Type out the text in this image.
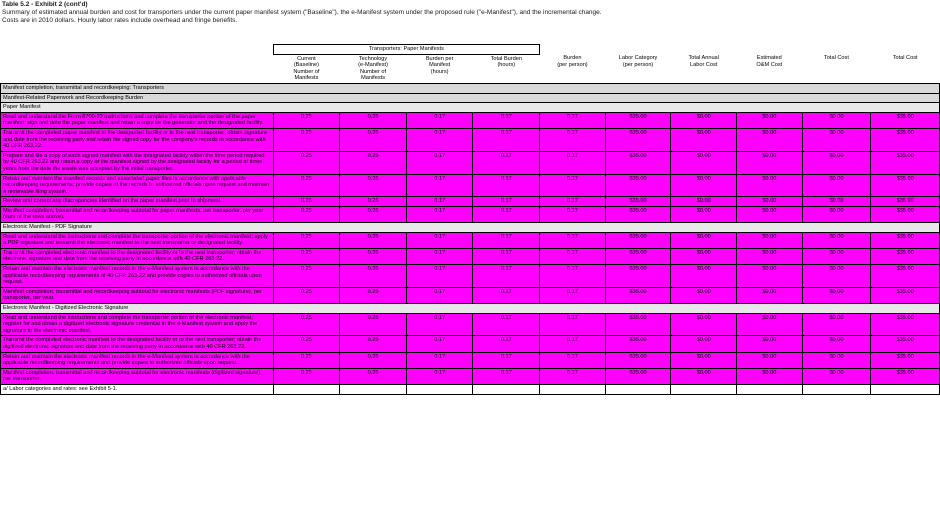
Table 5.2 - Exhibit 2 (cont'd)
Summary of estimated annual burden and cost for transporters under the current paper manifest system ("Baseline"), the e-Manifest system under the proposed rule ("e-Manifest"), and the incremental change.
Costs are in 2010 dollars. Hourly labor rates include overhead and fringe benefits.
	Transporters: Paper Manifests									

	Current
(Baseline)
Number of
Manifests	Technology
(e-Manifest)
Number of
Manifests	Burden per
Manifest
(hours)	Total Burden
(hours)	Burden
(per person)	Labor Category
(per person)	Total Annual
Labor Cost	Estimated
O&M Cost	Total Cost	Total Cost

Manifest completion, transmittal and recordkeeping: Transporters										
Manifest-Related Paperwork and Recordkeeping Burden										
Paper Manifest										
Read and understand the Form 8700-22 instructions and complete the transporter portion of the paper manifest; sign and date the paper manifest and retain a copy for the generator and the designated facility.	0.25	0.25	0.17	0.17	0.17	$35.00	$0.00	$0.00	$0.00	$35.00
Transmit the completed paper manifest to the designated facility or to the next transporter; obtain signature and date from the receiving party and retain the signed copy for the company's records in accordance with 40 CFR 263.22.	0.25	0.25	0.17	0.17	0.17	$35.00	$0.00	$0.00	$0.00	$35.00
Prepare and file a copy of each signed manifest with the designated facility within the time period required by 40 CFR 263.22 and retain a copy of the manifest signed by the designated facility for a period of three years from the date the waste was accepted by the initial transporter.	0.25	0.25	0.17	0.17	0.17	$35.00	$0.00	$0.00	$0.00	$35.00
Retain and maintain the manifest records and associated paper files in accordance with applicable recordkeeping requirements; provide copies of the records to authorized officials upon request and maintain a retrievable filing system.	0.25	0.25	0.17	0.17	0.17	$35.00	$0.00	$0.00	$0.00	$35.00
Review and correct any discrepancies identified on the paper manifest prior to shipment.	0.25	0.25	0.17	0.17	0.17	$35.00	$0.00	$0.00	$0.00	$35.00
Manifest completion, transmittal and recordkeeping subtotal for paper manifests, per transporter, per year (sum of the rows above).	0.25	0.25	0.17	0.17	0.17	$35.00	$0.00	$0.00	$0.00	$35.00
Electronic Manifest - PDF Signature										
Read and understand the instructions and complete the transporter portion of the electronic manifest; apply a PDF signature and transmit the electronic manifest to the next transporter or designated facility.	0.25	0.25	0.17	0.17	0.17	$35.00	$0.00	$0.00	$0.00	$35.00
Transmit the completed electronic manifest to the designated facility or to the next transporter; obtain the electronic signature and date from the receiving party in accordance with 40 CFR 263.22.	0.25	0.25	0.17	0.17	0.17	$35.00	$0.00	$0.00	$0.00	$35.00
Retain and maintain the electronic manifest records in the e-Manifest system in accordance with the applicable recordkeeping requirements of 40 CFR 263.22 and provide copies to authorized officials upon request.	0.25	0.25	0.17	0.17	0.17	$35.00	$0.00	$0.00	$0.00	$35.00
Manifest completion, transmittal and recordkeeping subtotal for electronic manifests (PDF signature), per transporter, per year.	0.25	0.25	0.17	0.17	0.17	$35.00	$0.00	$0.00	$0.00	$35.00
Electronic Manifest - Digitized Electronic Signature										
Read and understand the instructions and complete the transporter portion of the electronic manifest; register for and obtain a digitized electronic signature credential in the e-Manifest system and apply the signature to the electronic manifest.	0.25	0.25	0.17	0.17	0.17	$35.00	$0.00	$0.00	$0.00	$35.00
Transmit the completed electronic manifest to the designated facility or to the next transporter; obtain the digitized electronic signature and date from the receiving party in accordance with 40 CFR 263.22.	0.25	0.25	0.17	0.17	0.17	$35.00	$0.00	$0.00	$0.00	$35.00
Retain and maintain the electronic manifest records in the e-Manifest system in accordance with the applicable recordkeeping requirements and provide copies to authorized officials upon request.	0.25	0.25	0.17	0.17	0.17	$35.00	$0.00	$0.00	$0.00	$35.00
Manifest completion, transmittal and recordkeeping subtotal for electronic manifests (digitized signature), per transporter.	0.25	0.25	0.17	0.17	0.17	$35.00	$0.00	$0.00	$0.00	$35.00
a/ Labor categories and rates: see Exhibit 5-1.										
